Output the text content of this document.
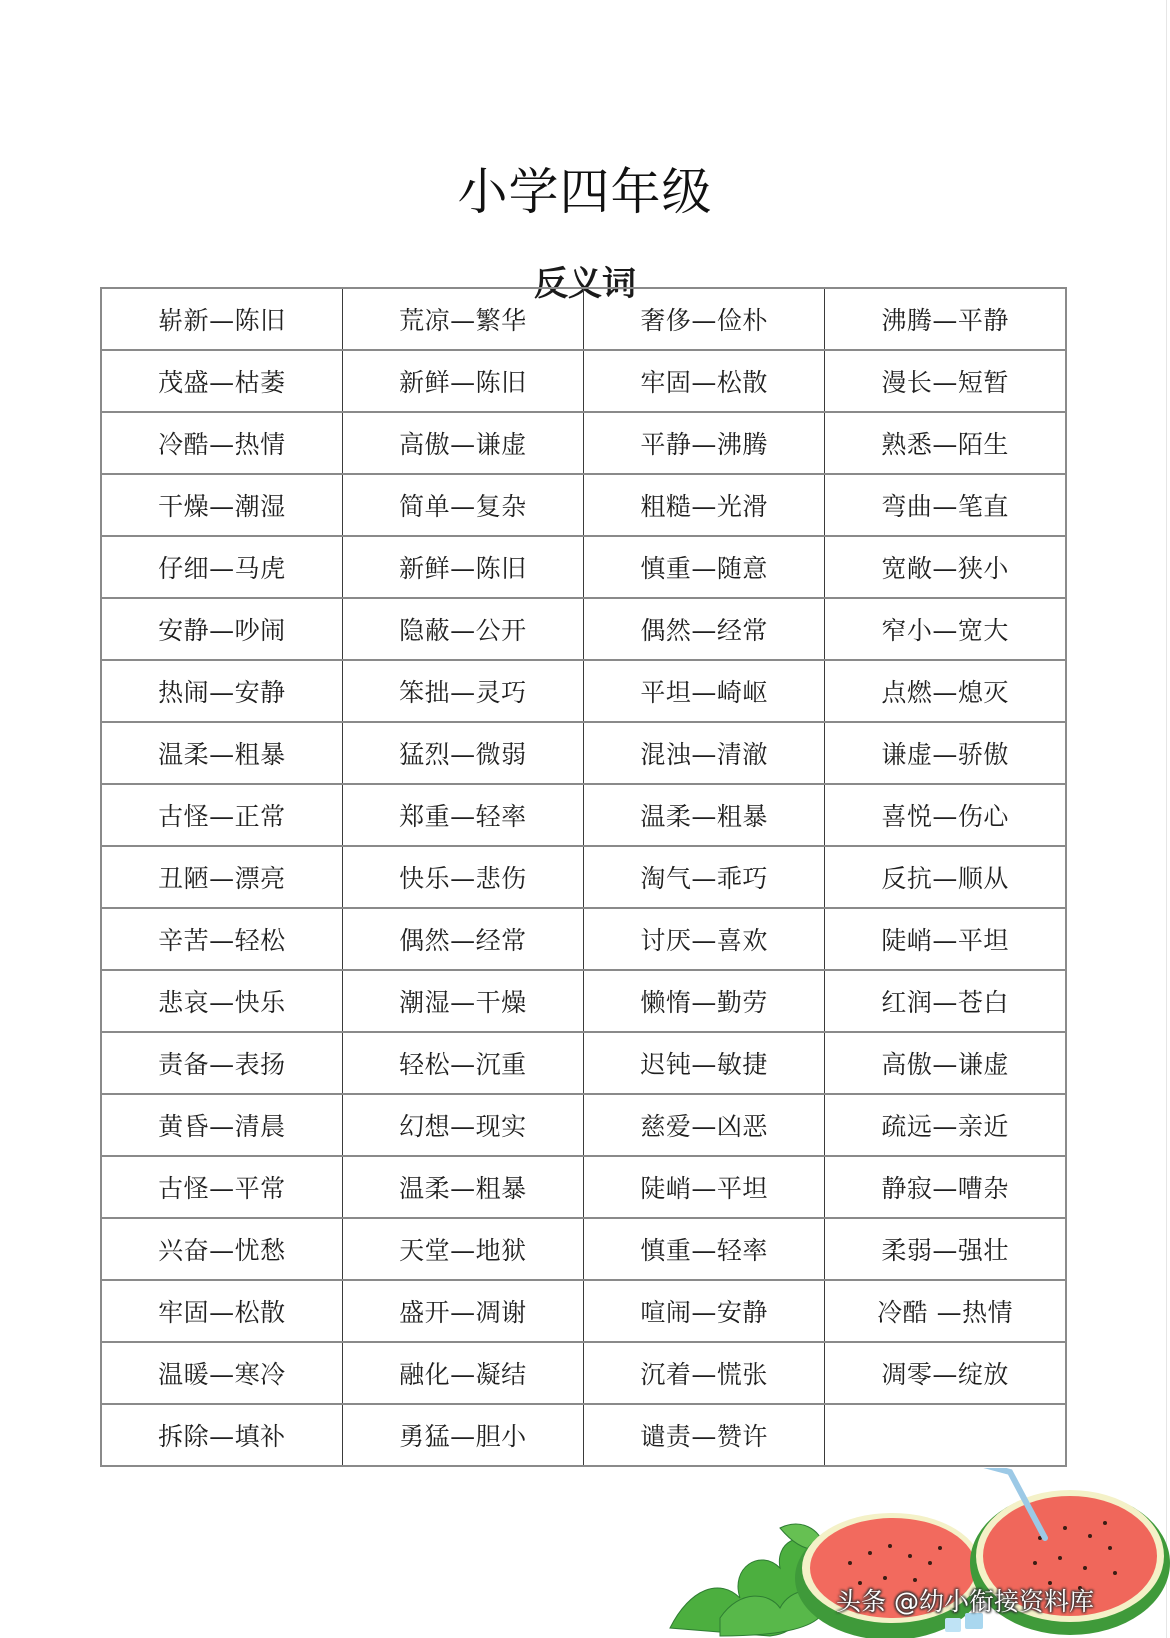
小学四年级
反义词
崭新—陈旧	荒凉—繁华	奢侈—俭朴	沸腾—平静
茂盛—枯萎	新鲜—陈旧	牢固—松散	漫长—短暂
冷酷—热情	高傲—谦虚	平静—沸腾	熟悉—陌生
干燥—潮湿	简单—复杂	粗糙—光滑	弯曲—笔直
仔细—马虎	新鲜—陈旧	慎重—随意	宽敞—狭小
安静—吵闹	隐蔽—公开	偶然—经常	窄小—宽大
热闹—安静	笨拙—灵巧	平坦—崎岖	点燃—熄灭
温柔—粗暴	猛烈—微弱	混浊—清澈	谦虚—骄傲
古怪—正常	郑重—轻率	温柔—粗暴	喜悦—伤心
丑陋—漂亮	快乐—悲伤	淘气—乖巧	反抗—顺从
辛苦—轻松	偶然—经常	讨厌—喜欢	陡峭—平坦
悲哀—快乐	潮湿—干燥	懒惰—勤劳	红润—苍白
责备—表扬	轻松—沉重	迟钝—敏捷	高傲—谦虚
黄昏—清晨	幻想—现实	慈爱—凶恶	疏远—亲近
古怪—平常	温柔—粗暴	陡峭—平坦	静寂—嘈杂
兴奋—忧愁	天堂—地狱	慎重—轻率	柔弱—强壮
牢固—松散	盛开—凋谢	喧闹—安静	冷酷 —热情
温暖—寒冷	融化—凝结	沉着—慌张	凋零—绽放
拆除—填补	勇猛—胆小	谴责—赞许	
头条 @幼小衔接资料库
